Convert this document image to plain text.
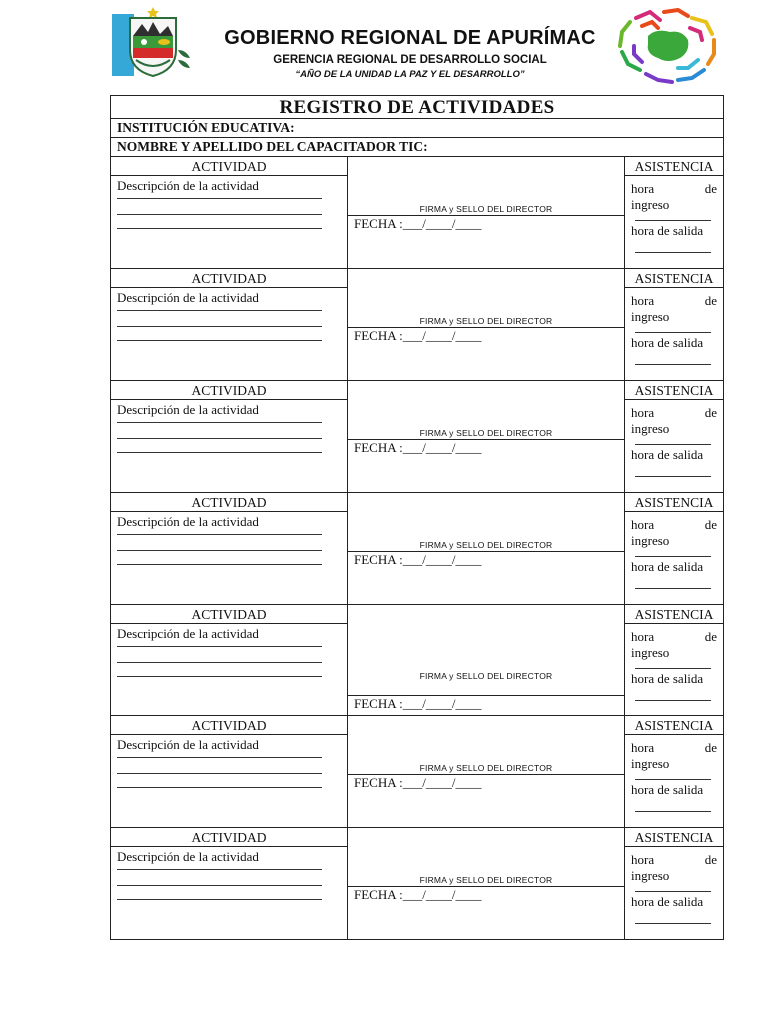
GOBIERNO REGIONAL DE APURÍMAC
GERENCIA REGIONAL DE DESARROLLO SOCIAL
“AÑO DE LA UNIDAD LA PAZ Y EL DESARROLLO”
REGISTRO DE ACTIVIDADES
INSTITUCIÓN EDUCATIVA:
NOMBRE Y APELLIDO DEL CAPACITADOR TIC:
ACTIVIDAD
Descripción de la actividad
FIRMA y SELLO DEL DIRECTOR
FECHA :___/____/____
ASISTENCIA
hora	de
ingreso
hora de salida
ACTIVIDAD
Descripción de la actividad
FIRMA y SELLO DEL DIRECTOR
FECHA :___/____/____
ASISTENCIA
hora	de
ingreso
hora de salida
ACTIVIDAD
Descripción de la actividad
FIRMA y SELLO DEL DIRECTOR
FECHA :___/____/____
ASISTENCIA
hora	de
ingreso
hora de salida
ACTIVIDAD
Descripción de la actividad
FIRMA y SELLO DEL DIRECTOR
FECHA :___/____/____
ASISTENCIA
hora	de
ingreso
hora de salida
ACTIVIDAD
Descripción de la actividad
FIRMA y SELLO DEL DIRECTOR
FECHA :___/____/____
ASISTENCIA
hora	de
ingreso
hora de salida
ACTIVIDAD
Descripción de la actividad
FIRMA y SELLO DEL DIRECTOR
FECHA :___/____/____
ASISTENCIA
hora	de
ingreso
hora de salida
ACTIVIDAD
Descripción de la actividad
FIRMA y SELLO DEL DIRECTOR
FECHA :___/____/____
ASISTENCIA
hora	de
ingreso
hora de salida
